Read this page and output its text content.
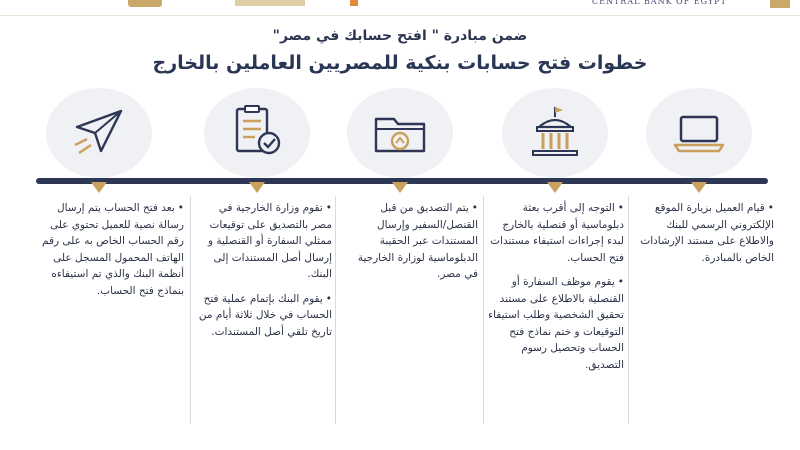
CENTRAL BANK OF EGYPT
ضمن مبادرة " افتح حسابك في مصر"
خطوات فتح حسابات بنكية للمصريين العاملين بالخارج

• قيام العميل بزيارة الموقع الإلكتروني الرسمي للبنك والاطلاع على مستند الإرشادات الخاص بالمبادرة.

• التوجه إلى أقرب بعثة دبلوماسية أو قنصلية بالخارج لبدء إجراءات استيفاء مستندات فتح الحساب.

• يقوم موظف السفارة أو القنصلية بالاطلاع على مستند تحقيق الشخصية وطلب استيفاء التوقيعات و ختم نماذج فتح الحساب وتحصيل رسوم التصديق.

• يتم التصديق من قبل القنصل/السفير وإرسال المستندات عبر الحقيبة الدبلوماسية لوزارة الخارجية في مصر.

• تقوم وزارة الخارجية في مصر بالتصديق على توقيعات ممثلي السفارة أو القنصلية و إرسال أصل المستندات إلى البنك.

• يقوم البنك بإتمام عملية فتح الحساب في خلال ثلاثة أيام من تاريخ تلقي أصل المستندات.

• بعد فتح الحساب يتم إرسال رسالة نصية للعميل تحتوي على رقم الحساب الخاص به على رقم الهاتف المحمول المسجل على أنظمة البنك والذي تم استيفاءه بنماذج فتح الحساب.
